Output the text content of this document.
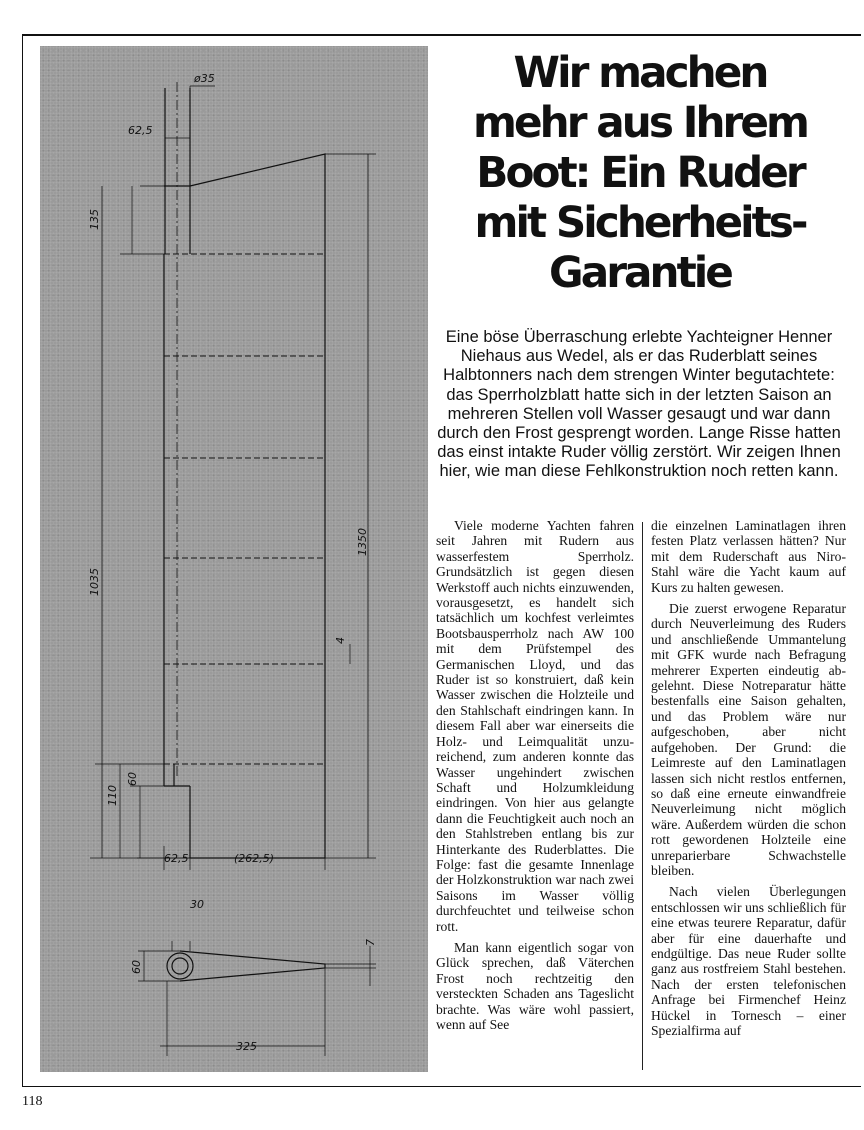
ø35
62,5
135
1035
1350
4
110
60
62,5	(262,5)
30
60
7
325
Wir machen
mehr aus Ihrem
Boot: Ein Ruder
mit Sicherheits-
Garantie
Eine böse Überraschung erlebte Yachteigner Henner Niehaus aus Wedel, als er das Ruderblatt seines Halbtonners nach dem strengen Winter begutachtete: das Sperrholzblatt hatte sich in der letzten Saison an mehreren Stellen voll Wasser gesaugt und war dann durch den Frost gesprengt worden. Lange Risse hatten das einst intakte Ruder völlig zerstört. Wir zeigen Ihnen hier, wie man diese Fehlkonstruktion noch retten kann.

Viele moderne Yachten fahren seit Jahren mit Rudern aus wasserfestem Sperrholz. Grundsätzlich ist gegen diesen Werkstoff auch nichts einzuwenden, vorausgesetzt, es handelt sich tatsächlich um kochfest verleimtes Bootsbausperrholz nach AW 100 mit dem Prüfstempel des Germanischen Lloyd, und das Ruder ist so konstruiert, daß kein Wasser zwischen die Holzteile und den Stahlschaft eindringen kann. In diesem Fall aber war einerseits die Holz- und Leimqualität unzureichend, zum anderen konnte das Wasser ungehindert zwischen Schaft und Holzumkleidung eindringen. Von hier aus gelangte dann die Feuchtigkeit auch noch an den Stahlstreben entlang bis zur Hinterkante des Ruderblattes. Die Folge: fast die gesamte Innenlage der Holzkonstruktion war nach zwei Saisons im Wasser völlig durchfeuchtet und teilweise schon rott.

Man kann eigentlich sogar von Glück sprechen, daß Väterchen Frost noch rechtzeitig den versteckten Schaden ans Tageslicht brachte. Was wäre wohl passiert, wenn auf See

die einzelnen Laminatlagen ihren festen Platz verlassen hätten? Nur mit dem Ruderschaft aus Niro-Stahl wäre die Yacht kaum auf Kurs zu halten gewesen.

Die zuerst erwogene Reparatur durch Neuverleimung des Ruders und anschließende Ummantelung mit GFK wurde nach Befragung mehrerer Experten eindeutig abgelehnt. Diese Notreparatur hätte bestenfalls eine Saison gehalten, und das Problem wäre nur aufgeschoben, aber nicht aufgehoben. Der Grund: die Leimreste auf den Laminatlagen lassen sich nicht restlos entfernen, so daß eine erneute einwandfreie Neuverleimung nicht möglich wäre. Außerdem würden die schon rott gewordenen Holzteile eine unreparierbare Schwachstelle bleiben.

Nach vielen Überlegungen entschlossen wir uns schließlich für eine etwas teurere Reparatur, dafür aber für eine dauerhafte und endgültige. Das neue Ruder sollte ganz aus rostfreiem Stahl bestehen. Nach der ersten telefonischen Anfrage bei Firmenchef Heinz Hückel in Tornesch – einer Spezialfirma auf

118
